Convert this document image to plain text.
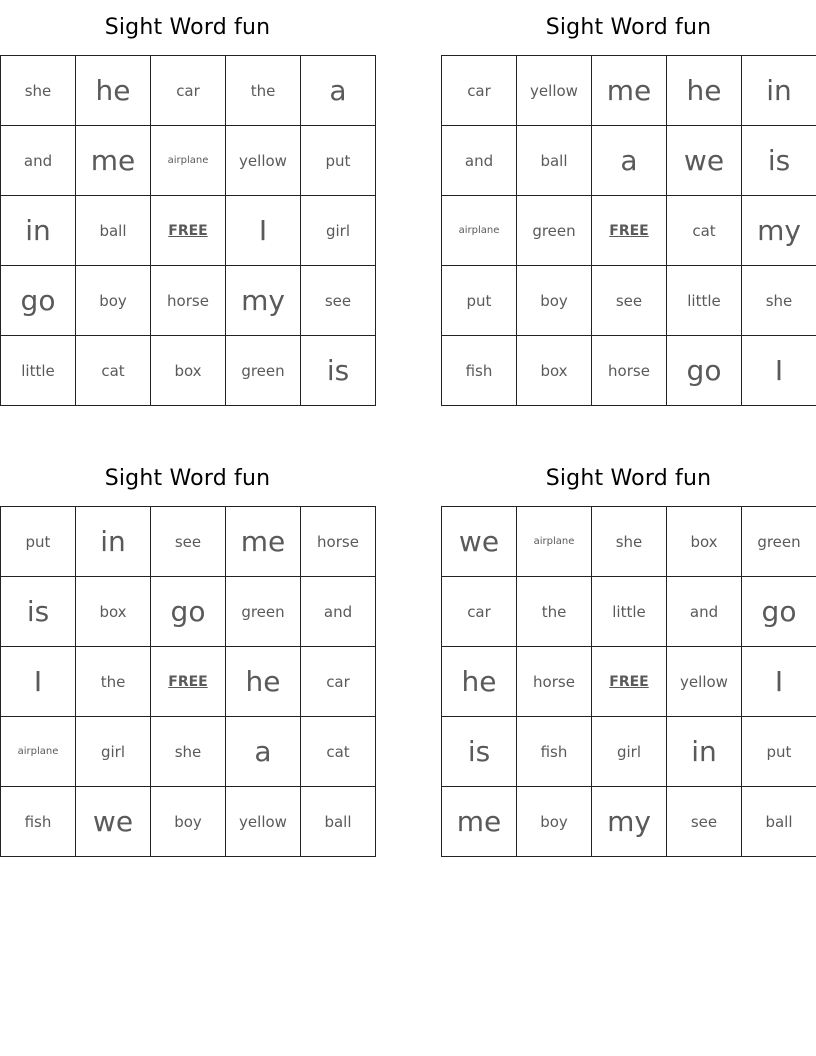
Sight Word fun
she	he	car	the	a
and	me	airplane	yellow	put
in	ball	FREE	I	girl
go	boy	horse	my	see
little	cat	box	green	is
Sight Word fun
car	yellow	me	he	in
and	ball	a	we	is
airplane	green	FREE	cat	my
put	boy	see	little	she
fish	box	horse	go	I
Sight Word fun
put	in	see	me	horse
is	box	go	green	and
I	the	FREE	he	car
airplane	girl	she	a	cat
fish	we	boy	yellow	ball
Sight Word fun
we	airplane	she	box	green
car	the	little	and	go
he	horse	FREE	yellow	I
is	fish	girl	in	put
me	boy	my	see	ball
